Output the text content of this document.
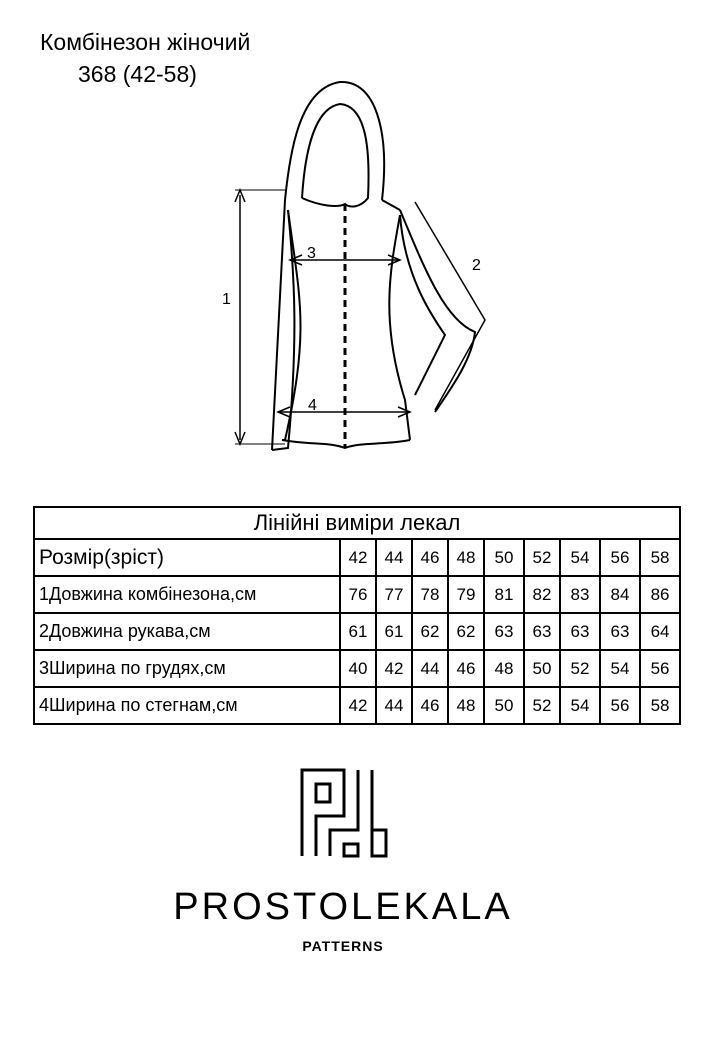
Комбінезон жіночий
368 (42-58)
1
2
3
4
Лінійні виміри лекал									
Розмір(зріст)	42	44	46	48	50	52	54	56	58
1Довжина комбінезона,см	76	77	78	79	81	82	83	84	86
2Довжина рукава,см	61	61	62	62	63	63	63	63	64
3Ширина по грудях,см	40	42	44	46	48	50	52	54	56
4Ширина по стегнам,см	42	44	46	48	50	52	54	56	58
PROSTOLEKALA
PATTERNS
